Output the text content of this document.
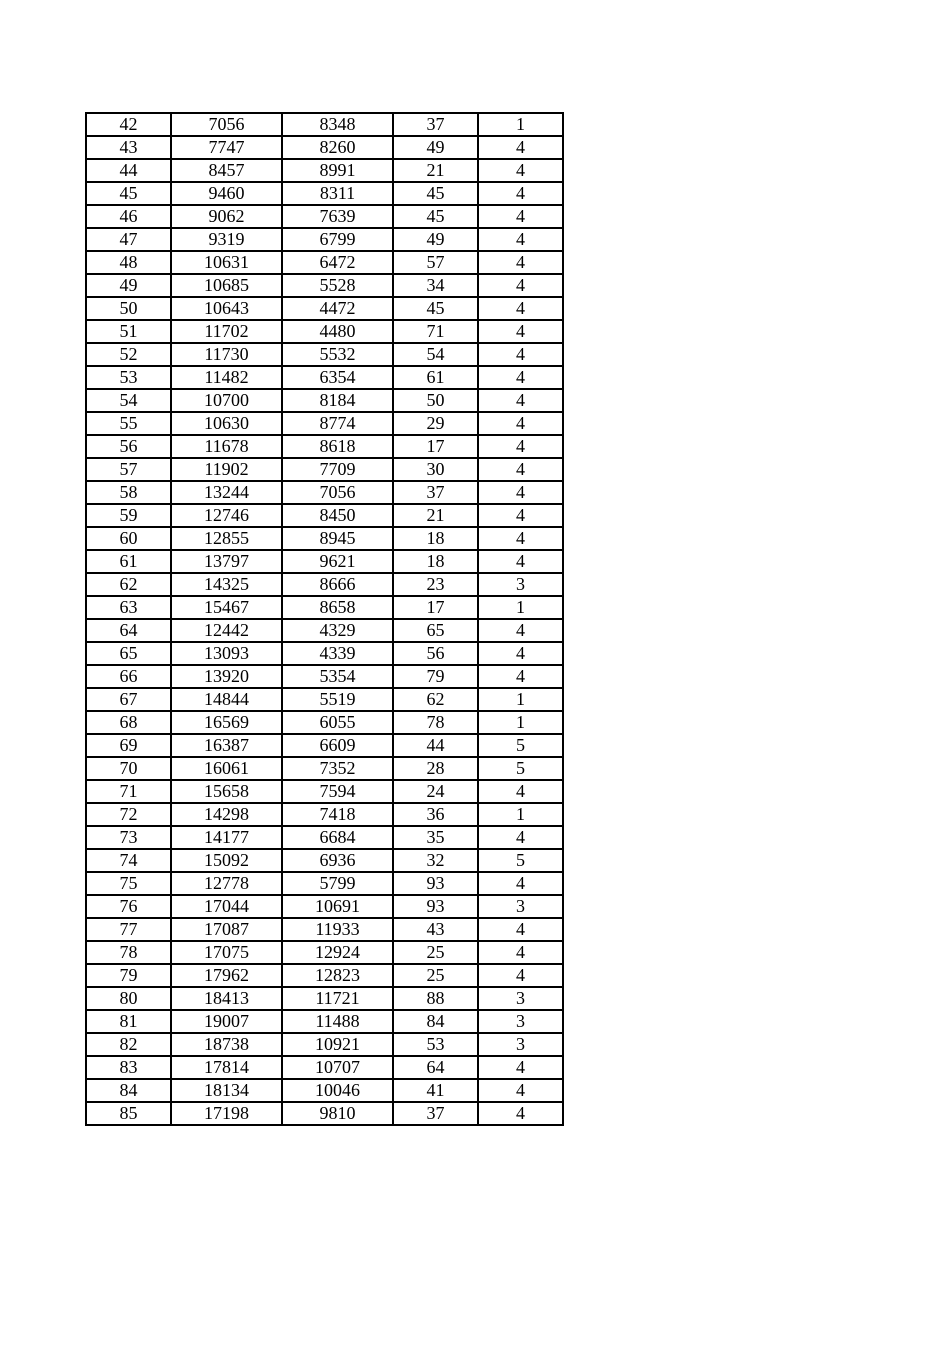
42	7056	8348	37	1
43	7747	8260	49	4
44	8457	8991	21	4
45	9460	8311	45	4
46	9062	7639	45	4
47	9319	6799	49	4
48	10631	6472	57	4
49	10685	5528	34	4
50	10643	4472	45	4
51	11702	4480	71	4
52	11730	5532	54	4
53	11482	6354	61	4
54	10700	8184	50	4
55	10630	8774	29	4
56	11678	8618	17	4
57	11902	7709	30	4
58	13244	7056	37	4
59	12746	8450	21	4
60	12855	8945	18	4
61	13797	9621	18	4
62	14325	8666	23	3
63	15467	8658	17	1
64	12442	4329	65	4
65	13093	4339	56	4
66	13920	5354	79	4
67	14844	5519	62	1
68	16569	6055	78	1
69	16387	6609	44	5
70	16061	7352	28	5
71	15658	7594	24	4
72	14298	7418	36	1
73	14177	6684	35	4
74	15092	6936	32	5
75	12778	5799	93	4
76	17044	10691	93	3
77	17087	11933	43	4
78	17075	12924	25	4
79	17962	12823	25	4
80	18413	11721	88	3
81	19007	11488	84	3
82	18738	10921	53	3
83	17814	10707	64	4
84	18134	10046	41	4
85	17198	9810	37	4
